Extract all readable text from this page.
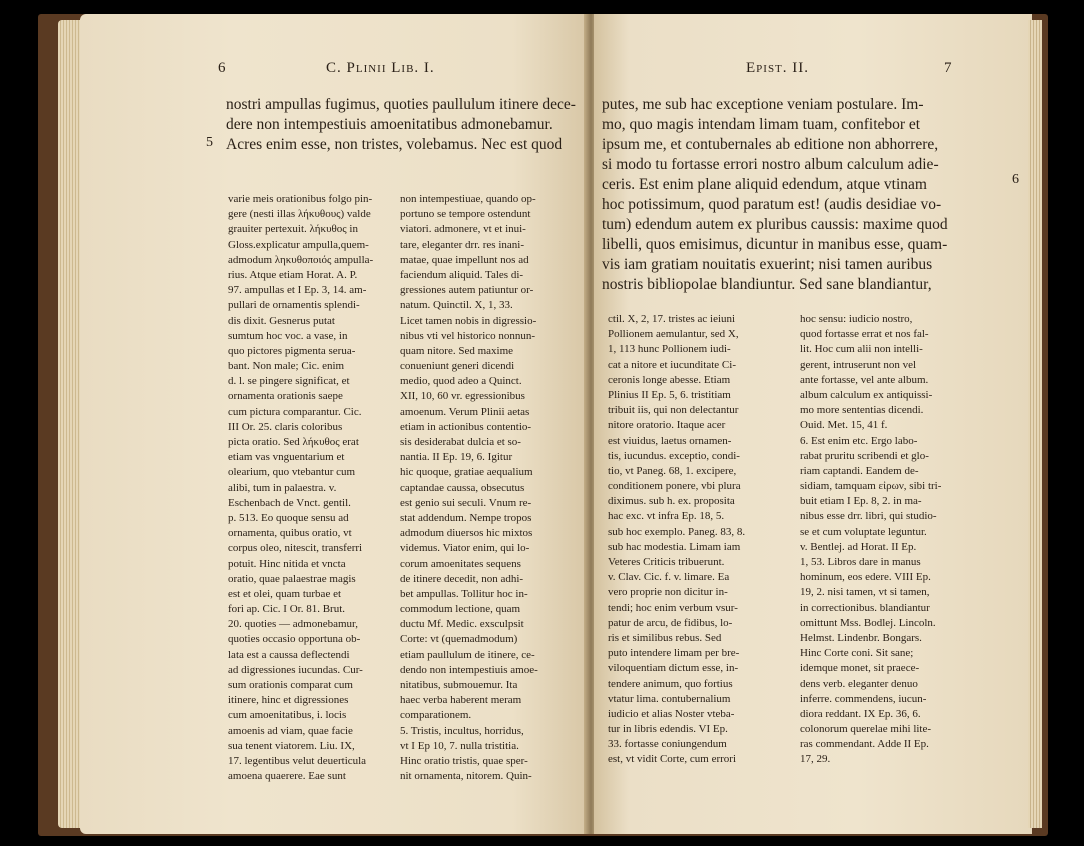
6	C. Plinii Lib. I.
5
nostri ampullas fugimus, quoties paullulum itinere dece-
dere non intempestiuis amoenitatibus admonebamur.
Acres enim esse, non tristes, volebamus. Nec est quod
varie meis orationibus folgo pin-
gere (nesti illas λήκυθους) valde
grauiter pertexuit. λήκυθος in
Gloss.explicatur ampulla,quem-
admodum ληκυθοποιός ampulla-
rius. Atque etiam Horat. A. P.
97. ampullas et I Ep. 3, 14. am-
pullari de ornamentis splendi-
dis dixit. Gesnerus putat
sumtum hoc voc. a vase, in
quo pictores pigmenta serua-
bant. Non male; Cic. enim
d. l. se pingere significat, et
ornamenta orationis saepe
cum pictura comparantur. Cic.
III Or. 25. claris coloribus
picta oratio. Sed λήκυθος erat
etiam vas vnguentarium et
olearium, quo vtebantur cum
alibi, tum in palaestra. v.
Eschenbach de Vnct. gentil.
p. 513. Eo quoque sensu ad
ornamenta, quibus oratio, vt
corpus oleo, nitescit, transferri
potuit. Hinc nitida et vncta
oratio, quae palaestrae magis
est et olei, quam turbae et
fori ap. Cic. I Or. 81. Brut.
20. quoties — admonebamur,
quoties occasio opportuna ob-
lata est a caussa deflectendi
ad digressiones iucundas. Cur-
sum orationis comparat cum
itinere, hinc et digressiones
cum amoenitatibus, i. locis
amoenis ad viam, quae facie
sua tenent viatorem. Liu. IX,
17. legentibus velut deuerticula
amoena quaerere. Eae sunt
non intempestiuae, quando op-
portuno se tempore ostendunt
viatori. admonere, vt et inui-
tare, eleganter drr. res inani-
matae, quae impellunt nos ad
faciendum aliquid. Tales di-
gressiones autem patiuntur or-
natum. Quinctil. X, 1, 33.
Licet tamen nobis in digressio-
nibus vti vel historico nonnun-
quam nitore. Sed maxime
conueniunt generi dicendi
medio, quod adeo a Quinct.
XII, 10, 60 vr. egressionibus
amoenum. Verum Plinii aetas
etiam in actionibus contentio-
sis desiderabat dulcia et so-
nantia. II Ep. 19, 6. Igitur
hic quoque, gratiae aequalium
captandae caussa, obsecutus
est genio sui seculi. Vnum re-
stat addendum. Nempe tropos
admodum diuersos hic mixtos
videmus. Viator enim, qui lo-
corum amoenitates sequens
de itinere decedit, non adhi-
bet ampullas. Tollitur hoc in-
commodum lectione, quam
ductu Mf. Medic. exsculpsit
Corte: vt (quemadmodum)
etiam paullulum de itinere, ce-
dendo non intempestiuis amoe-
nitatibus, submouemur. Ita
haec verba haberent meram
comparationem.
5. Tristis, incultus, horridus,
vt I Ep 10, 7. nulla tristitia.
Hinc oratio tristis, quae sper-
nit ornamenta, nitorem. Quin-
Epist. II.	7
6
putes, me sub hac exceptione veniam postulare. Im-
mo, quo magis intendam limam tuam, confitebor et
ipsum me, et contubernales ab editione non abhorrere,
si modo tu fortasse errori nostro album calculum adie-
ceris. Est enim plane aliquid edendum, atque vtinam
hoc potissimum, quod paratum est! (audis desidiae vo-
tum) edendum autem ex pluribus caussis: maxime quod
libelli, quos emisimus, dicuntur in manibus esse, quam-
vis iam gratiam nouitatis exuerint; nisi tamen auribus
nostris bibliopolae blandiuntur. Sed sane blandiantur,
ctil. X, 2, 17. tristes ac ieiuni
Pollionem aemulantur, sed X,
1, 113 hunc Pollionem iudi-
cat a nitore et iucunditate Ci-
ceronis longe abesse. Etiam
Plinius II Ep. 5, 6. tristitiam
tribuit iis, qui non delectantur
nitore oratorio. Itaque acer
est viuidus, laetus ornamen-
tis, iucundus. exceptio, condi-
tio, vt Paneg. 68, 1. excipere,
conditionem ponere, vbi plura
diximus. sub h. ex. proposita
hac exc. vt infra Ep. 18, 5.
sub hoc exemplo. Paneg. 83, 8.
sub hac modestia. Limam iam
Veteres Criticis tribuerunt.
v. Clav. Cic. f. v. limare. Ea
vero proprie non dicitur in-
tendi; hoc enim verbum vsur-
patur de arcu, de fidibus, lo-
ris et similibus rebus. Sed
puto intendere limam per bre-
viloquentiam dictum esse, in-
tendere animum, quo fortius
vtatur lima. contubernalium
iudicio et alias Noster vteba-
tur in libris edendis. VI Ep.
33. fortasse coniungendum
est, vt vidit Corte, cum errori
hoc sensu: iudicio nostro,
quod fortasse errat et nos fal-
lit. Hoc cum alii non intelli-
gerent, intruserunt non vel
ante fortasse, vel ante album.
album calculum ex antiquissi-
mo more sententias dicendi.
Ouid. Met. 15, 41 f.
6. Est enim etc. Ergo labo-
rabat pruritu scribendi et glo-
riam captandi. Eandem de-
sidiam, tamquam εἰρων, sibi tri-
buit etiam I Ep. 8, 2. in ma-
nibus esse drr. libri, qui studio-
se et cum voluptate leguntur.
v. Bentlej. ad Horat. II Ep.
1, 53. Libros dare in manus
hominum, eos edere. VIII Ep.
19, 2. nisi tamen, vt si tamen,
in correctionibus. blandiantur
omittunt Mss. Bodlej. Lincoln.
Helmst. Lindenbr. Bongars.
Hinc Corte coni. Sit sane;
idemque monet, sit praece-
dens verb. eleganter denuo
inferre. commendens, iucun-
diora reddant. IX Ep. 36, 6.
colonorum querelae mihi lite-
ras commendant. Adde II Ep.
17, 29.
